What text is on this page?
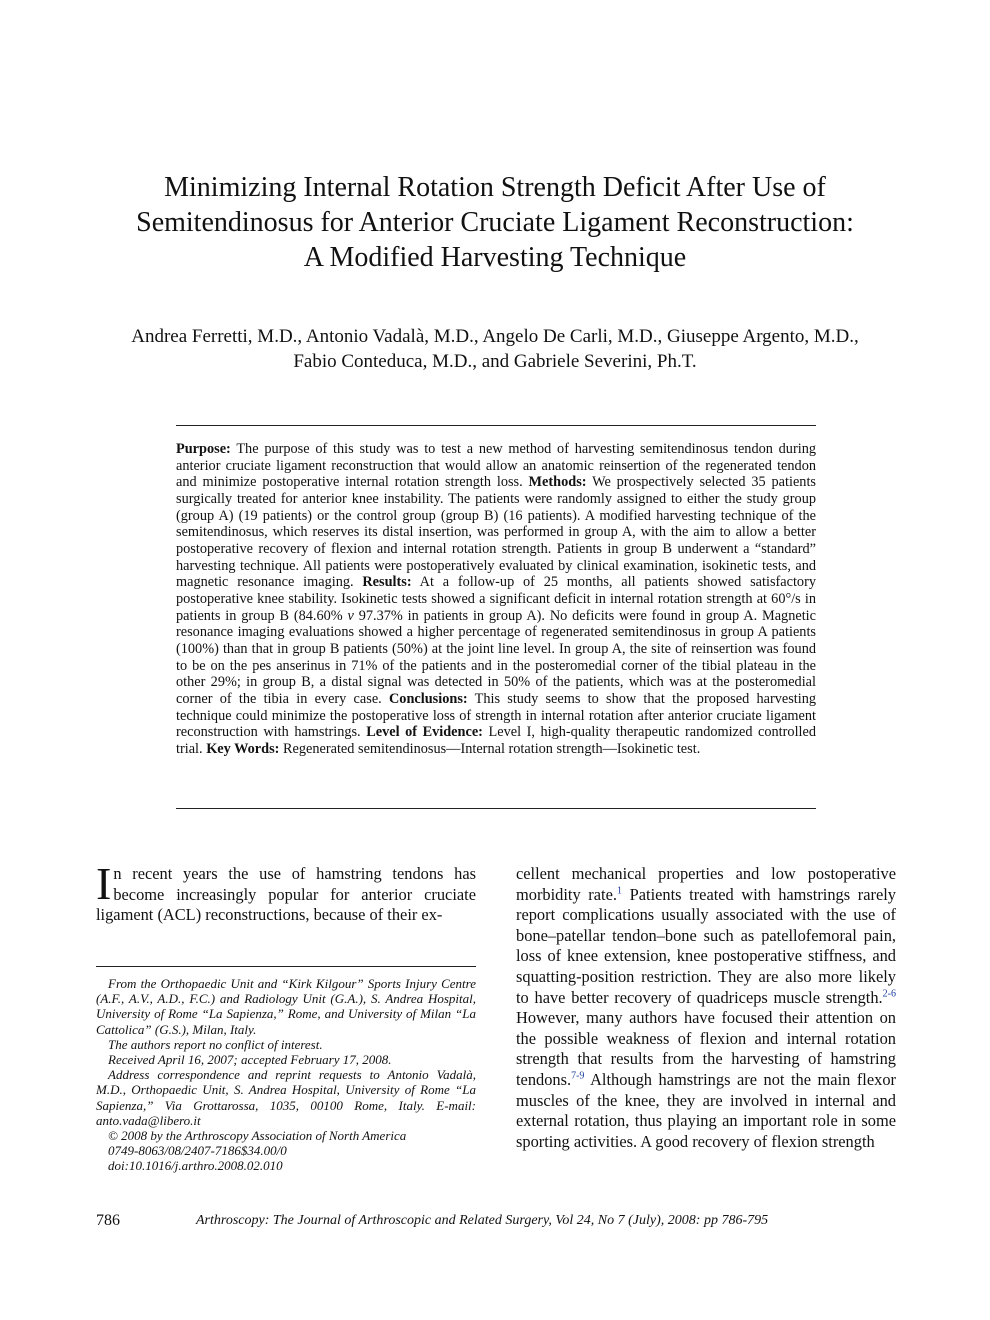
Minimizing Internal Rotation Strength Deficit After Use of
Semitendinosus for Anterior Cruciate Ligament Reconstruction:
A Modified Harvesting Technique
Andrea Ferretti, M.D., Antonio Vadalà, M.D., Angelo De Carli, M.D., Giuseppe Argento, M.D.,
Fabio Conteduca, M.D., and Gabriele Severini, Ph.T.
Purpose: The purpose of this study was to test a new method of harvesting semitendinosus tendon during anterior cruciate ligament reconstruction that would allow an anatomic reinsertion of the regenerated tendon and minimize postoperative internal rotation strength loss. Methods: We prospectively selected 35 patients surgically treated for anterior knee instability. The patients were randomly assigned to either the study group (group A) (19 patients) or the control group (group B) (16 patients). A modified harvesting technique of the semitendinosus, which reserves its distal insertion, was performed in group A, with the aim to allow a better postoperative recovery of flexion and internal rotation strength. Patients in group B underwent a “standard” harvesting technique. All patients were postoperatively evaluated by clinical examination, isokinetic tests, and magnetic resonance imaging. Results: At a follow-up of 25 months, all patients showed satisfactory postoperative knee stability. Isokinetic tests showed a significant deficit in internal rotation strength at 60°/s in patients in group B (84.60% v 97.37% in patients in group A). No deficits were found in group A. Magnetic resonance imaging evaluations showed a higher percentage of regenerated semitendinosus in group A patients (100%) than that in group B patients (50%) at the joint line level. In group A, the site of reinsertion was found to be on the pes anserinus in 71% of the patients and in the posteromedial corner of the tibial plateau in the other 29%; in group B, a distal signal was detected in 50% of the patients, which was at the posteromedial corner of the tibia in every case. Conclusions: This study seems to show that the proposed harvesting technique could minimize the postoperative loss of strength in internal rotation after anterior cruciate ligament reconstruction with hamstrings. Level of Evidence: Level I, high-quality therapeutic randomized controlled trial. Key Words: Regenerated semitendinosus—Internal rotation strength—Isokinetic test.
In recent years the use of hamstring tendons has become increasingly popular for anterior cruciate ligament (ACL) reconstructions, because of their ex-

From the Orthopaedic Unit and “Kirk Kilgour” Sports Injury Centre (A.F., A.V., A.D., F.C.) and Radiology Unit (G.A.), S. Andrea Hospital, University of Rome “La Sapienza,” Rome, and University of Milan “La Cattolica” (G.S.), Milan, Italy.

The authors report no conflict of interest.

Received April 16, 2007; accepted February 17, 2008.

Address correspondence and reprint requests to Antonio Vadalà, M.D., Orthopaedic Unit, S. Andrea Hospital, University of Rome “La Sapienza,” Via Grottarossa, 1035, 00100 Rome, Italy. E-mail: anto.vada@libero.it

© 2008 by the Arthroscopy Association of North America

0749-8063/08/2407-7186$34.00/0

doi:10.1016/j.arthro.2008.02.010

cellent mechanical properties and low postoperative morbidity rate.$^1$ Patients treated with hamstrings rarely report complications usually associated with the use of bone–patellar tendon–bone such as patellofemoral pain, loss of knee extension, knee postoperative stiffness, and squatting-position restriction. They are also more likely to have better recovery of quadriceps muscle strength.$^{2-6}$ However, many authors have focused their attention on the possible weakness of flexion and internal rotation strength that results from the harvesting of hamstring tendons.$^{7-9}$ Although hamstrings are not the main flexor muscles of the knee, they are involved in internal and external rotation, thus playing an important role in some sporting activities. A good recovery of flexion strength
786	Arthroscopy: The Journal of Arthroscopic and Related Surgery, Vol 24, No 7 (July), 2008: pp 786-795
